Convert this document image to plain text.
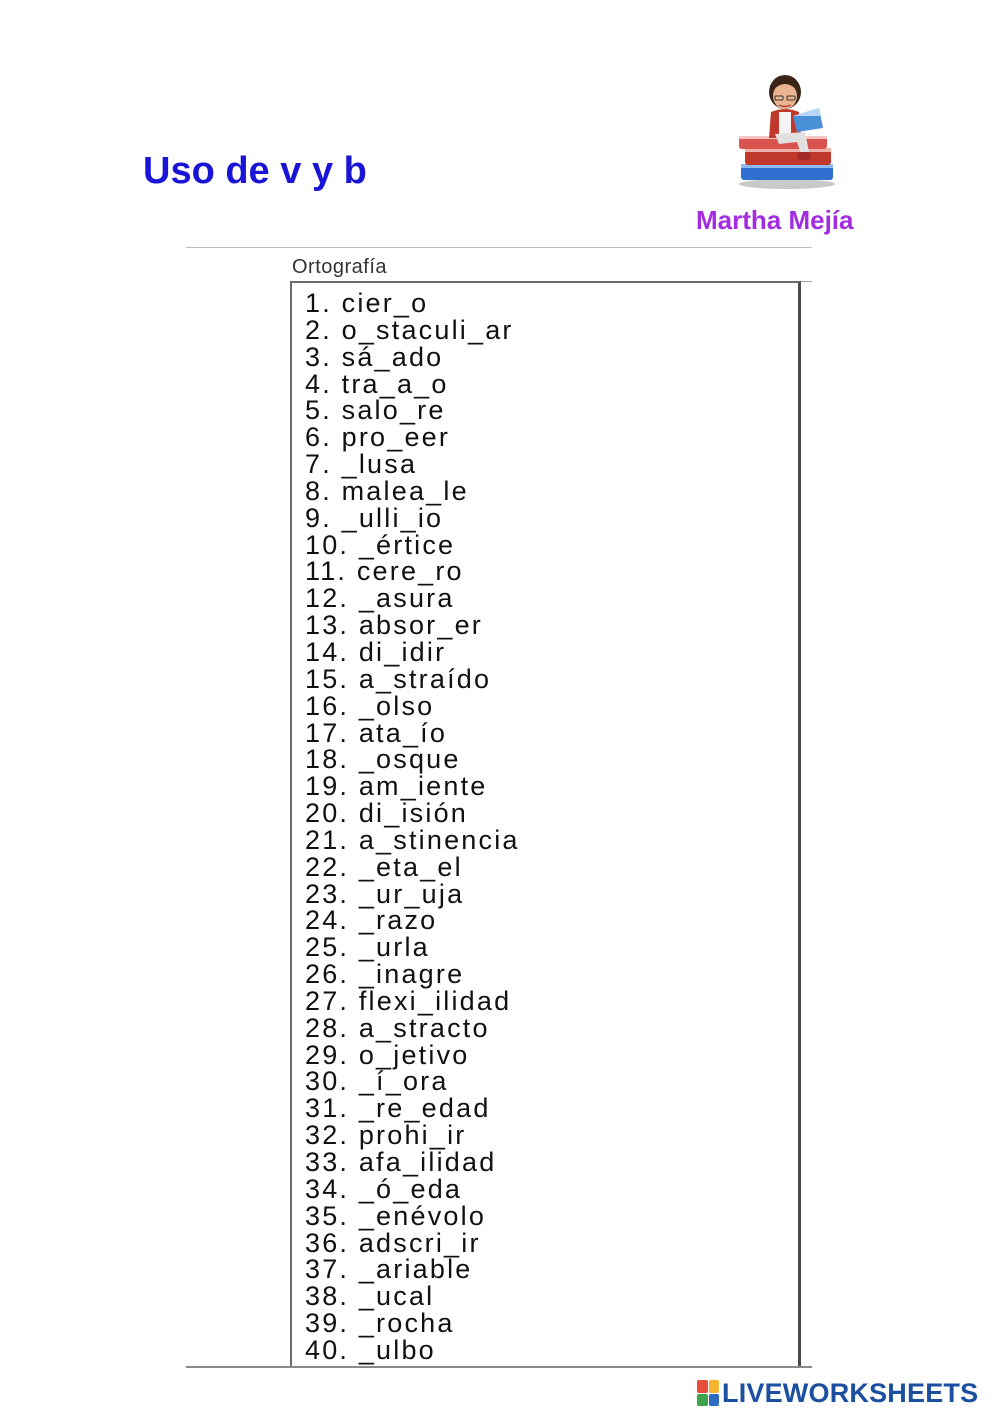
Uso de v y b
Martha Mejía
Ortografía
1. cier_o
2. o_staculi_ar
3. sá_ado
4. tra_a_o
5. salo_re
6. pro_eer
7. _lusa
8. malea_le
9. _ulli_io
10. _értice
11. cere_ro
12. _asura
13. absor_er
14. di_idir
15. a_straído
16. _olso
17. ata_ío
18. _osque
19. am_iente
20. di_isión
21. a_stinencia
22. _eta_el
23. _ur_uja
24. _razo
25. _urla
26. _inagre
27. flexi_ilidad
28. a_stracto
29. o_jetivo
30. _í_ora
31. _re_edad
32. prohi_ir
33. afa_ilidad
34. _ó_eda
35. _enévolo
36. adscri_ir
37. _ariable
38. _ucal
39. _rocha
40. _ulbo
LIVEWORKSHEETS
